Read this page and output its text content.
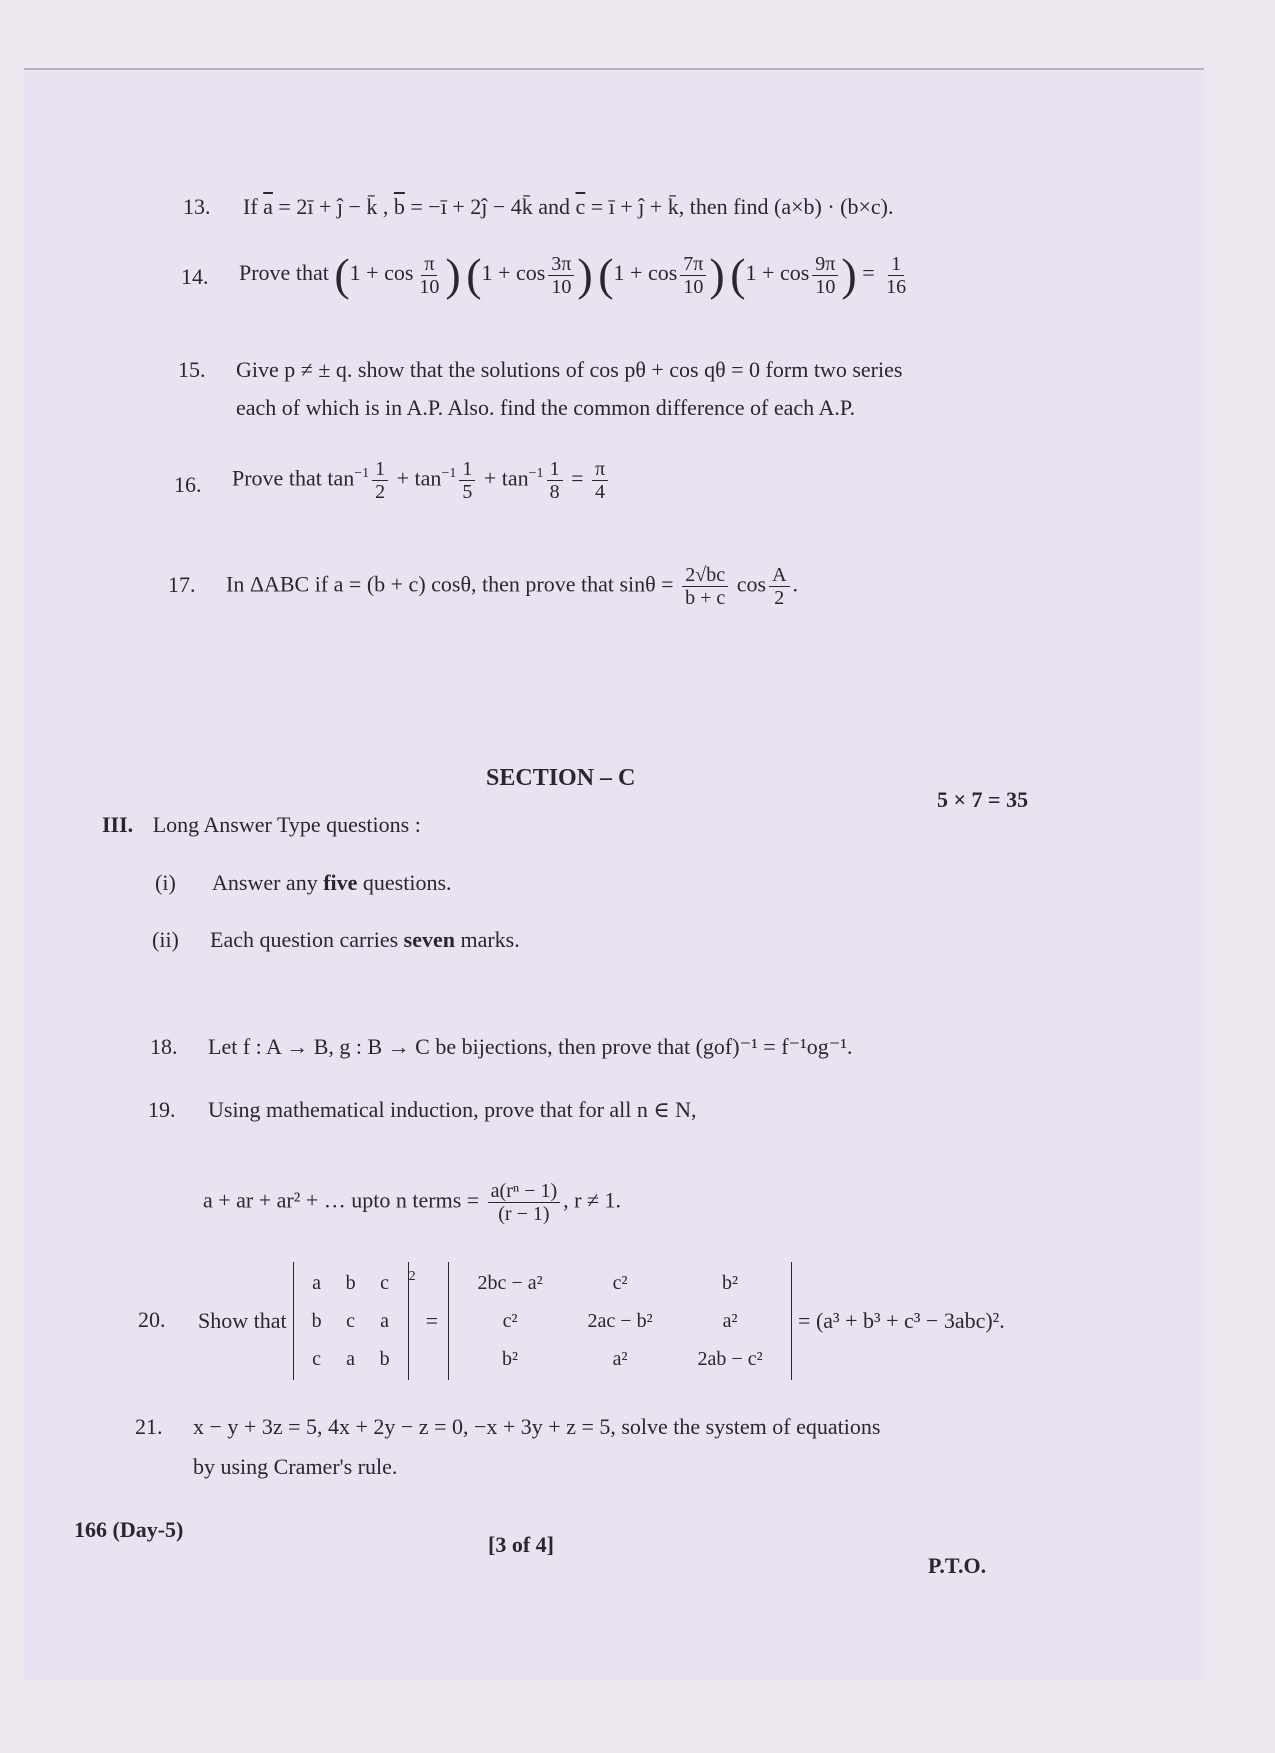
13.	If $\overline{a}$ = 2ī + ĵ − k̄ , $\overline{b}$ = −ī + 2ĵ − 4k̄ and $\overline{c}$ = ī + ĵ + k̄, then find (a×b) · (b×c).
14.	Prove that ($1 + \cos \frac{\pi}{10}$ ) ($1 + \cos \frac{3\pi}{10}$ ) ($1 + \cos \frac{7\pi}{10}$ ) ($1 + \cos \frac{9\pi}{10}$ ) = $\frac{1}{16}$
15.	Give p ≠ ± q. show that the solutions of cos pθ + cos qθ = 0 form two series
each of which is in A.P. Also. find the common difference of each A.P.
16.	Prove that $\tan^{-1} \frac{1}{2} + \tan^{-1} \frac{1}{5} + \tan^{-1} \frac{1}{8} = \frac{\pi}{4}$
17.	In ΔABC if a = (b + c) cosθ, then prove that $\sin\theta = \frac{2√bc}{b + c}$ $\cos \frac{A}{2}$ .
SECTION – C
5 × 7 = 35
III. Long Answer Type questions :
(i) Answer any five questions.
(ii) Each question carries seven marks.
18.	Let f : A → B, g : B → C be bijections, then prove that (gof)⁻¹ = f⁻¹og⁻¹.
19.	Using mathematical induction, prove that for all n ∈ N,
a + ar + ar² + … upto n terms = $\frac{\text{a(rⁿ − 1)}}{(r - 1)}$ , r ≠ 1.
20.	Show that
a	b	c
b	c	a
c	a	b
2
=
2bc − a²	c²	b²
c²	2ac − b²	a²
b²	a²	2ab − c²
= (a³ + b³ + c³ − 3abc)².
21.	x − y + 3z = 5, 4x + 2y − z = 0, −x + 3y + z = 5, solve the system of equations
by using Cramer's rule.
166 (Day-5)
[3 of 4]
P.T.O.
